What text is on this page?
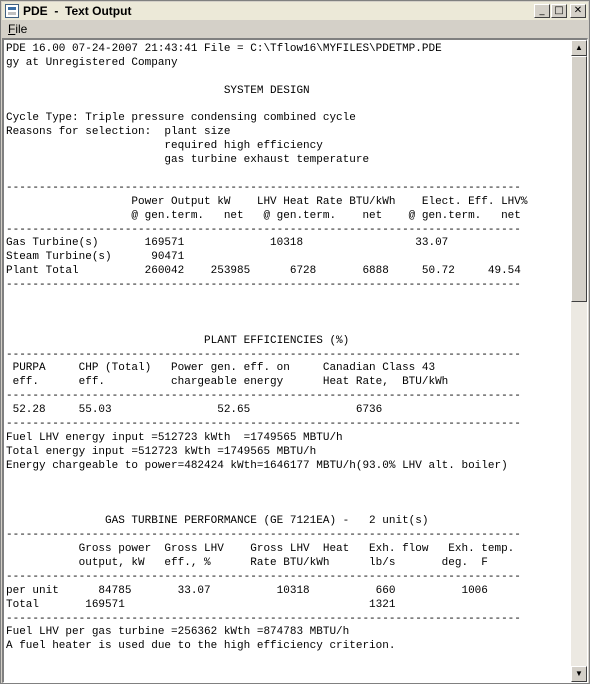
PDE  -  Text Output	_ □	✕
File
PDE 16.00 07-24-2007 21:43:41 File = C:\Tflow16\MYFILES\PDETMP.PDE
gy at Unregistered Company
SYSTEM DESIGN
Cycle Type: Triple pressure condensing combined cycle
Reasons for selection:  plant size
required high efficiency
gas turbine exhaust temperature
------------------------------------------------------------------------------
Power Output kW    LHV Heat Rate BTU/kWh    Elect. Eff. LHV%
@ gen.term.   net   @ gen.term.    net    @ gen.term.   net
------------------------------------------------------------------------------
Gas Turbine(s)       169571             10318                 33.07
Steam Turbine(s)      90471
Plant Total          260042    253985      6728       6888     50.72     49.54
------------------------------------------------------------------------------
PLANT EFFICIENCIES (%)
------------------------------------------------------------------------------
PURPA     CHP (Total)   Power gen. eff. on     Canadian Class 43
eff.      eff.          chargeable energy      Heat Rate,  BTU/kWh
------------------------------------------------------------------------------
52.28     55.03                52.65                6736
------------------------------------------------------------------------------
Fuel LHV energy input =512723 kWth  =1749565 MBTU/h
Total energy input =512723 kWth =1749565 MBTU/h
Energy chargeable to power=482424 kWth=1646177 MBTU/h(93.0% LHV alt. boiler)
GAS TURBINE PERFORMANCE (GE 7121EA) -   2 unit(s)
------------------------------------------------------------------------------
Gross power  Gross LHV    Gross LHV  Heat   Exh. flow   Exh. temp.
output, kW   eff., %      Rate BTU/kWh      lb/s       deg.  F
------------------------------------------------------------------------------
per unit      84785       33.07          10318          660          1006
Total       169571                                     1321
------------------------------------------------------------------------------
Fuel LHV per gas turbine =256362 kWth =874783 MBTU/h
A fuel heater is used due to the high efficiency criterion.
▲
▼
